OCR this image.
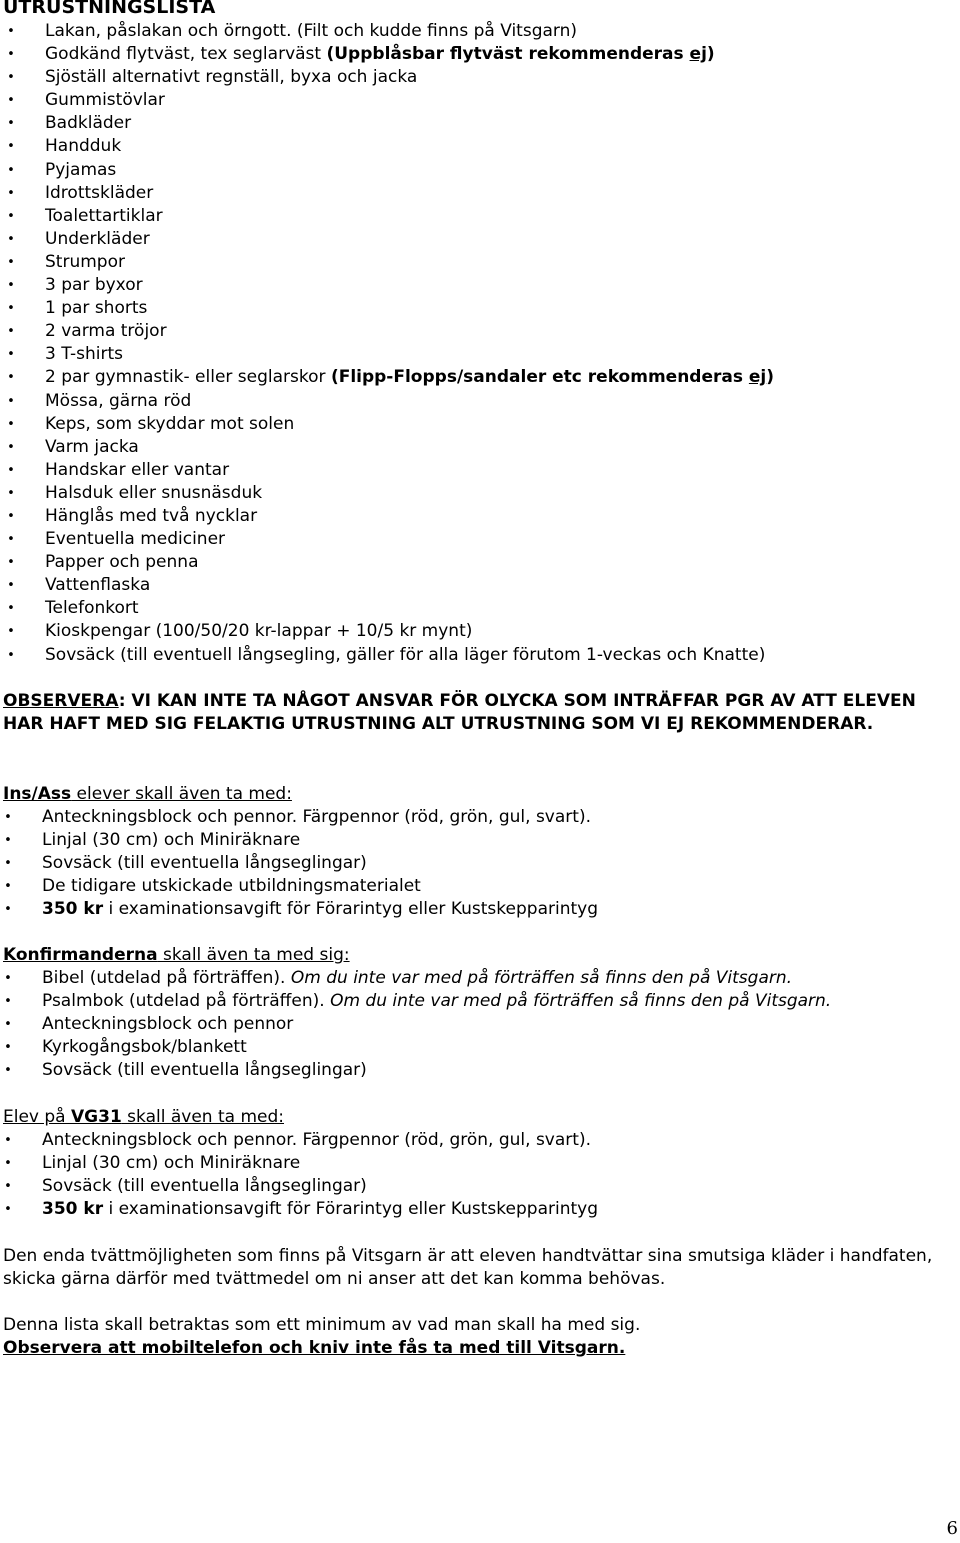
UTRUSTNINGSLISTA
• Lakan, påslakan och örngott. (Filt och kudde finns på Vitsgarn)
• Godkänd flytväst, tex seglarväst (Uppblåsbar flytväst rekommenderas ej)
• Sjöställ alternativt regnställ, byxa och jacka
• Gummistövlar
• Badkläder
• Handduk
• Pyjamas
• Idrottskläder
• Toalettartiklar
• Underkläder
• Strumpor
• 3 par byxor
• 1 par shorts
• 2 varma tröjor
• 3 T-shirts
• 2 par gymnastik- eller seglarskor (Flipp-Flopps/sandaler etc rekommenderas ej)
• Mössa, gärna röd
• Keps, som skyddar mot solen
• Varm jacka
• Handskar eller vantar
• Halsduk eller snusnäsduk
• Hänglås med två nycklar
• Eventuella mediciner
• Papper och penna
• Vattenflaska
• Telefonkort
• Kioskpengar (100/50/20 kr-lappar + 10/5 kr mynt)
• Sovsäck (till eventuell långsegling, gäller för alla läger förutom 1-veckas och Knatte)
OBSERVERA: VI KAN INTE TA NÅGOT ANSVAR FÖR OLYCKA SOM INTRÄFFAR PGR AV ATT ELEVEN HAR HAFT MED SIG FELAKTIG UTRUSTNING ALT UTRUSTNING SOM VI EJ REKOMMENDERAR.
Ins/Ass elever skall även ta med:
• Anteckningsblock och pennor. Färgpennor (röd, grön, gul, svart).
• Linjal (30 cm) och Miniräknare
• Sovsäck (till eventuella långseglingar)
• De tidigare utskickade utbildningsmaterialet
• 350 kr i examinationsavgift för Förarintyg eller Kustskepparintyg
Konfirmanderna skall även ta med sig:
• Bibel (utdelad på förträffen). Om du inte var med på förträffen så finns den på Vitsgarn.
• Psalmbok (utdelad på förträffen). Om du inte var med på förträffen så finns den på Vitsgarn.
• Anteckningsblock och pennor
• Kyrkogångsbok/blankett
• Sovsäck (till eventuella långseglingar)
Elev på VG31 skall även ta med:
• Anteckningsblock och pennor. Färgpennor (röd, grön, gul, svart).
• Linjal (30 cm) och Miniräknare
• Sovsäck (till eventuella långseglingar)
• 350 kr i examinationsavgift för Förarintyg eller Kustskepparintyg
Den enda tvättmöjligheten som finns på Vitsgarn är att eleven handtvättar sina smutsiga kläder i handfaten, skicka gärna därför med tvättmedel om ni anser att det kan komma behövas.
Denna lista skall betraktas som ett minimum av vad man skall ha med sig.
Observera att mobiltelefon och kniv inte fås ta med till Vitsgarn.
6
